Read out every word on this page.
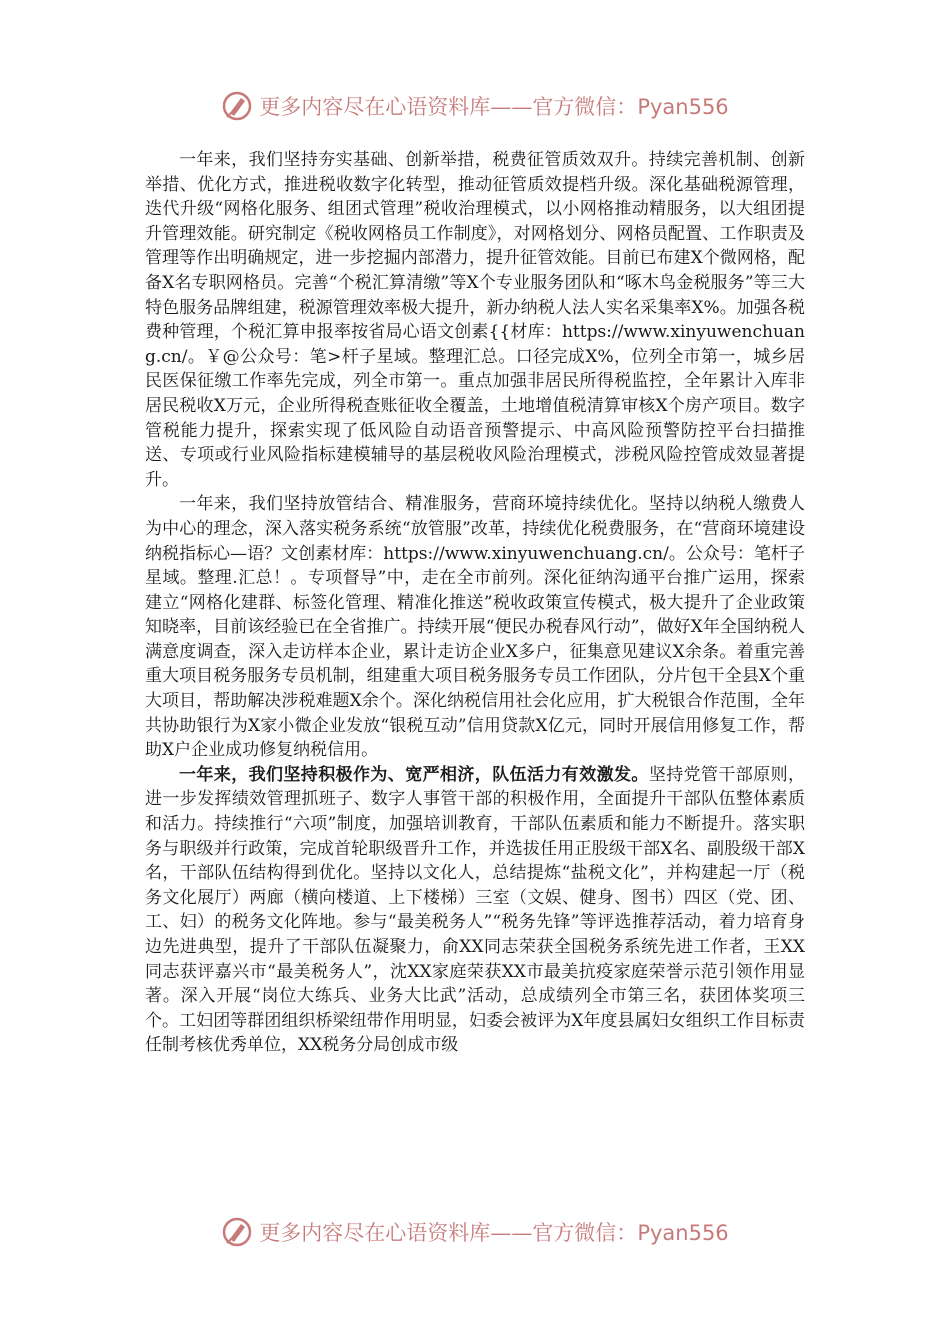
更多内容尽在心语资料库——官方微信：Pyan556

一年来，我们坚持夯实基础、创新举措，税费征管质效双升。持续完善机制、创新举措、优化方式，推进税收数字化转型，推动征管质效提档升级。深化基础税源管理，迭代升级“网格化服务、组团式管理”税收治理模式，以小网格推动精服务，以大组团提升管理效能。研究制定《税收网格员工作制度》，对网格划分、网格员配置、工作职责及管理等作出明确规定，进一步挖掘内部潜力，提升征管效能。目前已布建X个微网格，配备X名专职网格员。完善“个税汇算清缴”等X个专业服务团队和“啄木鸟金税服务”等三大特色服务品牌组建，税源管理效率极大提升，新办纳税人法人实名采集率X%。加强各税费种管理，个税汇算申报率按省局心语文创素{{材库：https://www.xinyuwenchuang.cn/。￥@公众号：笔>杆子星域。整理汇总。口径完成X%，位列全市第一，城乡居民医保征缴工作率先完成，列全市第一。重点加强非居民所得税监控，全年累计入库非居民税收X万元，企业所得税查账征收全覆盖，土地增值税清算审核X个房产项目。数字管税能力提升，探索实现了低风险自动语音预警提示、中高风险预警防控平台扫描推送、专项或行业风险指标建模辅导的基层税收风险治理模式，涉税风险控管成效显著提升。

一年来，我们坚持放管结合、精准服务，营商环境持续优化。坚持以纳税人缴费人为中心的理念，深入落实税务系统“放管服”改革，持续优化税费服务，在“营商环境建设纳税指标心—语？文创素材库：https://www.xinyuwenchuang.cn/。公众号：笔杆子星域。整理.汇总！。专项督导”中，走在全市前列。深化征纳沟通平台推广运用，探索建立“网格化建群、标签化管理、精准化推送”税收政策宣传模式，极大提升了企业政策知晓率，目前该经验已在全省推广。持续开展“便民办税春风行动”，做好X年全国纳税人满意度调查，深入走访样本企业，累计走访企业X多户，征集意见建议X余条。着重完善重大项目税务服务专员机制，组建重大项目税务服务专员工作团队，分片包干全县X个重大项目，帮助解决涉税难题X余个。深化纳税信用社会化应用，扩大税银合作范围，全年共协助银行为X家小微企业发放“银税互动”信用贷款X亿元，同时开展信用修复工作，帮助X户企业成功修复纳税信用。

一年来，我们坚持积极作为、宽严相济，队伍活力有效激发。坚持党管干部原则，进一步发挥绩效管理抓班子、数字人事管干部的积极作用，全面提升干部队伍整体素质和活力。持续推行“六项”制度，加强培训教育，干部队伍素质和能力不断提升。落实职务与职级并行政策，完成首轮职级晋升工作，并选拔任用正股级干部X名、副股级干部X名，干部队伍结构得到优化。坚持以文化人，总结提炼“盐税文化”，并构建起一厅（税务文化展厅）两廊（横向楼道、上下楼梯）三室（文娱、健身、图书）四区（党、团、工、妇）的税务文化阵地。参与“最美税务人”“税务先锋”等评选推荐活动，着力培育身边先进典型，提升了干部队伍凝聚力，俞XX同志荣获全国税务系统先进工作者，王XX同志获评嘉兴市“最美税务人”，沈XX家庭荣获XX市最美抗疫家庭荣誉示范引领作用显著。深入开展“岗位大练兵、业务大比武”活动，总成绩列全市第三名，获团体奖项三个。工妇团等群团组织桥梁纽带作用明显，妇委会被评为X年度县属妇女组织工作目标责任制考核优秀单位，XX税务分局创成市级

更多内容尽在心语资料库——官方微信：Pyan556
